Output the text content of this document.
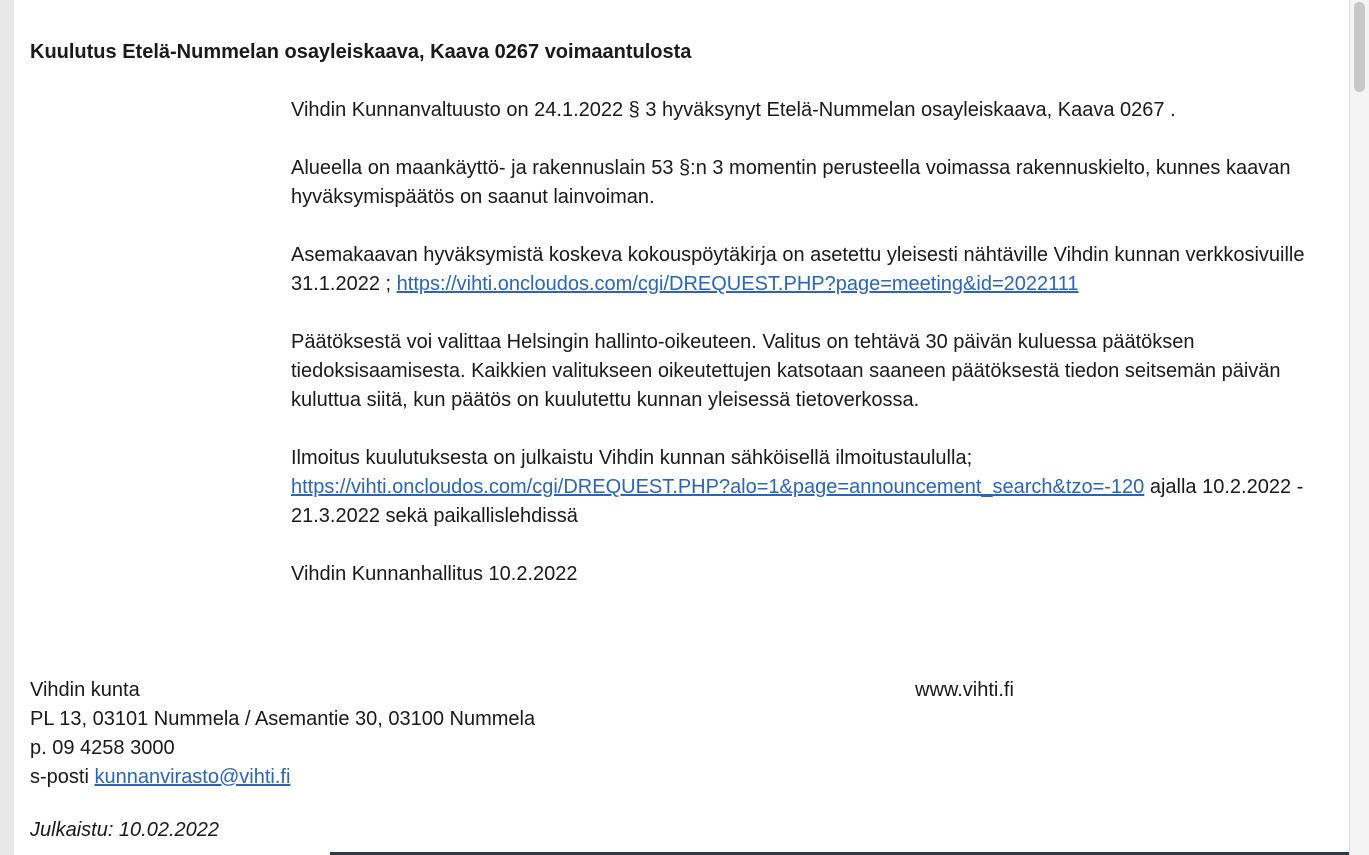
Kuulutus Etelä-Nummelan osayleiskaava, Kaava 0267 voimaantulosta

Vihdin Kunnanvaltuusto on 24.1.2022 § 3 hyväksynyt Etelä-Nummelan osayleiskaava, Kaava 0267 .

Alueella on maankäyttö- ja rakennuslain 53 §:n 3 momentin perusteella voimassa rakennuskielto, kunnes kaavan hyväksymispäätös on saanut lainvoiman.

Asemakaavan hyväksymistä koskeva kokouspöytäkirja on asetettu yleisesti nähtäville Vihdin kunnan verkkosivuille 31.1.2022 ; https://vihti.oncloudos.com/cgi/DREQUEST.PHP?page=meeting&id=2022111

Päätöksestä voi valittaa Helsingin hallinto-oikeuteen. Valitus on tehtävä 30 päivän kuluessa päätöksen tiedoksisaamisesta. Kaikkien valitukseen oikeutettujen katsotaan saaneen päätöksestä tiedon seitsemän päivän kuluttua siitä, kun päätös on kuulutettu kunnan yleisessä tietoverkossa.

Ilmoitus kuulutuksesta on julkaistu Vihdin kunnan sähköisellä ilmoitustaululla; https://vihti.oncloudos.com/cgi/DREQUEST.PHP?alo=1&page=announcement_search&tzo=-120 ajalla 10.2.2022 - 21.3.2022 sekä paikallislehdissä

Vihdin Kunnanhallitus 10.2.2022

Vihdin kunta
PL 13, 03101 Nummela / Asemantie 30, 03100 Nummela
p. 09 4258 3000
s-posti kunnanvirasto@vihti.fi
www.vihti.fi
Julkaistu: 10.02.2022
